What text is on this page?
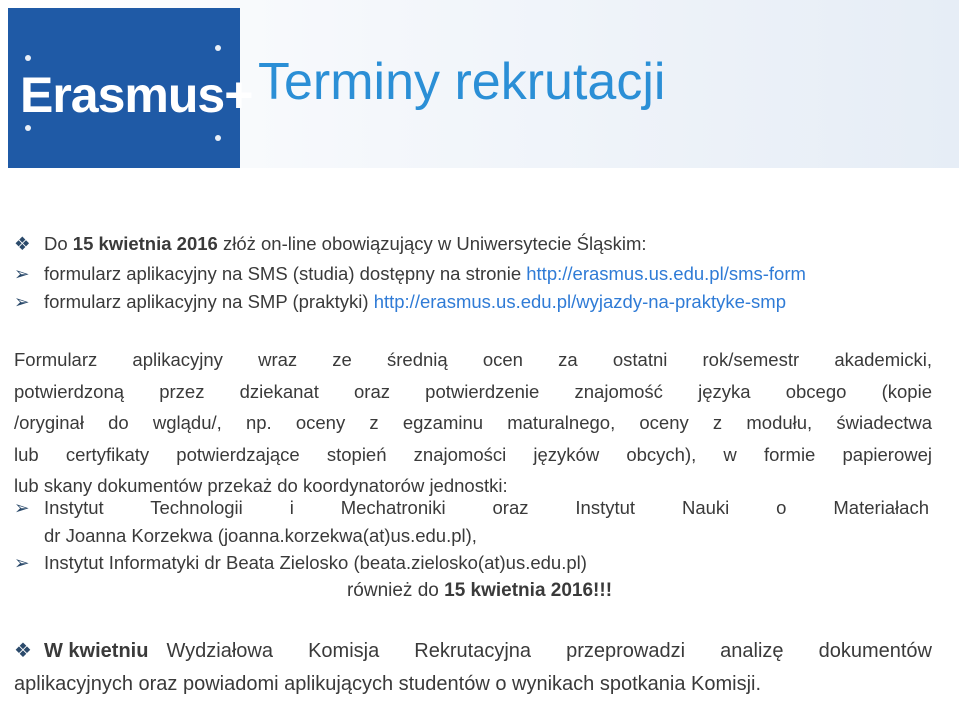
Erasmus+ Terminy rekrutacji
❖ Do 15 kwietnia 2016 złóż on-line obowiązujący w Uniwersytecie Śląskim:
➢ formularz aplikacyjny na SMS (studia) dostępny na stronie http://erasmus.us.edu.pl/sms-form
➢ formularz aplikacyjny na SMP (praktyki) http://erasmus.us.edu.pl/wyjazdy-na-praktyke-smp
Formularz aplikacyjny wraz ze średnią ocen za ostatni rok/semestr akademicki,
potwierdzoną przez dziekanat oraz potwierdzenie znajomość języka obcego (kopie
/oryginał do wglądu/, np. oceny z egzaminu maturalnego, oceny z modułu, świadectwa
lub certyfikaty potwierdzające stopień znajomości języków obcych), w formie papierowej
lub skany dokumentów przekaż do koordynatorów jednostki:
➢ Instytut Technologii i Mechatroniki oraz Instytut Nauki o Materiałach
dr Joanna Korzekwa (joanna.korzekwa(at)us.edu.pl),
➢ Instytut Informatyki dr Beata Zielosko (beata.zielosko(at)us.edu.pl)
również do 15 kwietnia 2016!!!
❖ W kwietniu Wydziałowa Komisja Rekrutacyjna przeprowadzi analizę dokumentów
aplikacyjnych oraz powiadomi aplikujących studentów o wynikach spotkania Komisji.
